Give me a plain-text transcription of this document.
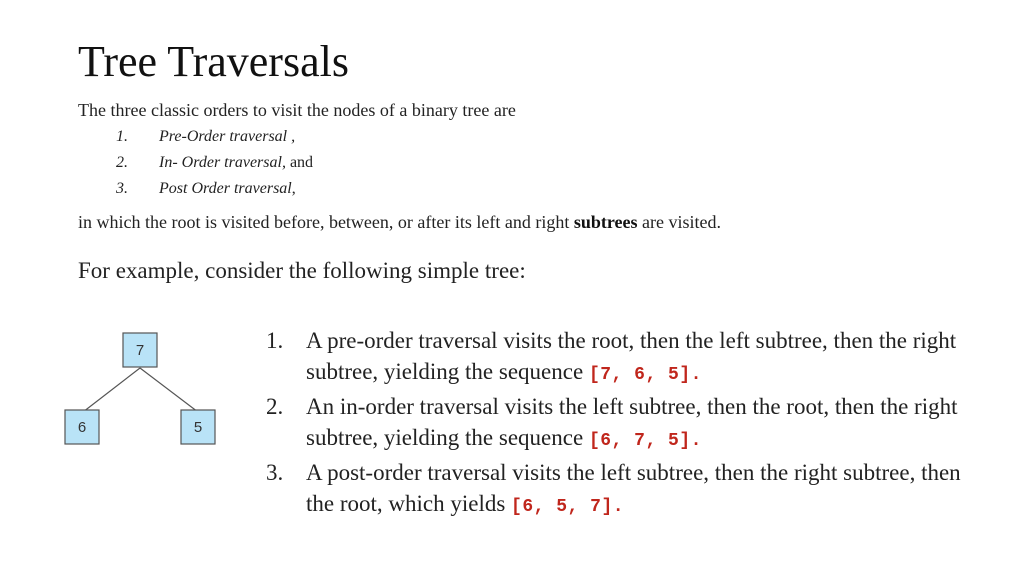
Tree Traversals
The three classic orders to visit the nodes of a binary tree are
1.	Pre-Order traversal ,
2.	In- Order traversal, and
3.	Post Order traversal ,
in which the root is visited before, between, or after its left and right subtrees are visited.
For example, consider the following simple tree:
7
6	5
1. A pre-order traversal visits the root, then the left subtree, then the right subtree, yielding the sequence [7, 6, 5].
2. An in-order traversal visits the left subtree, then the root, then the right subtree, yielding the sequence [6, 7, 5].
3. A post-order traversal visits the left subtree, then the right subtree, then the root, which yields [6, 5, 7].
